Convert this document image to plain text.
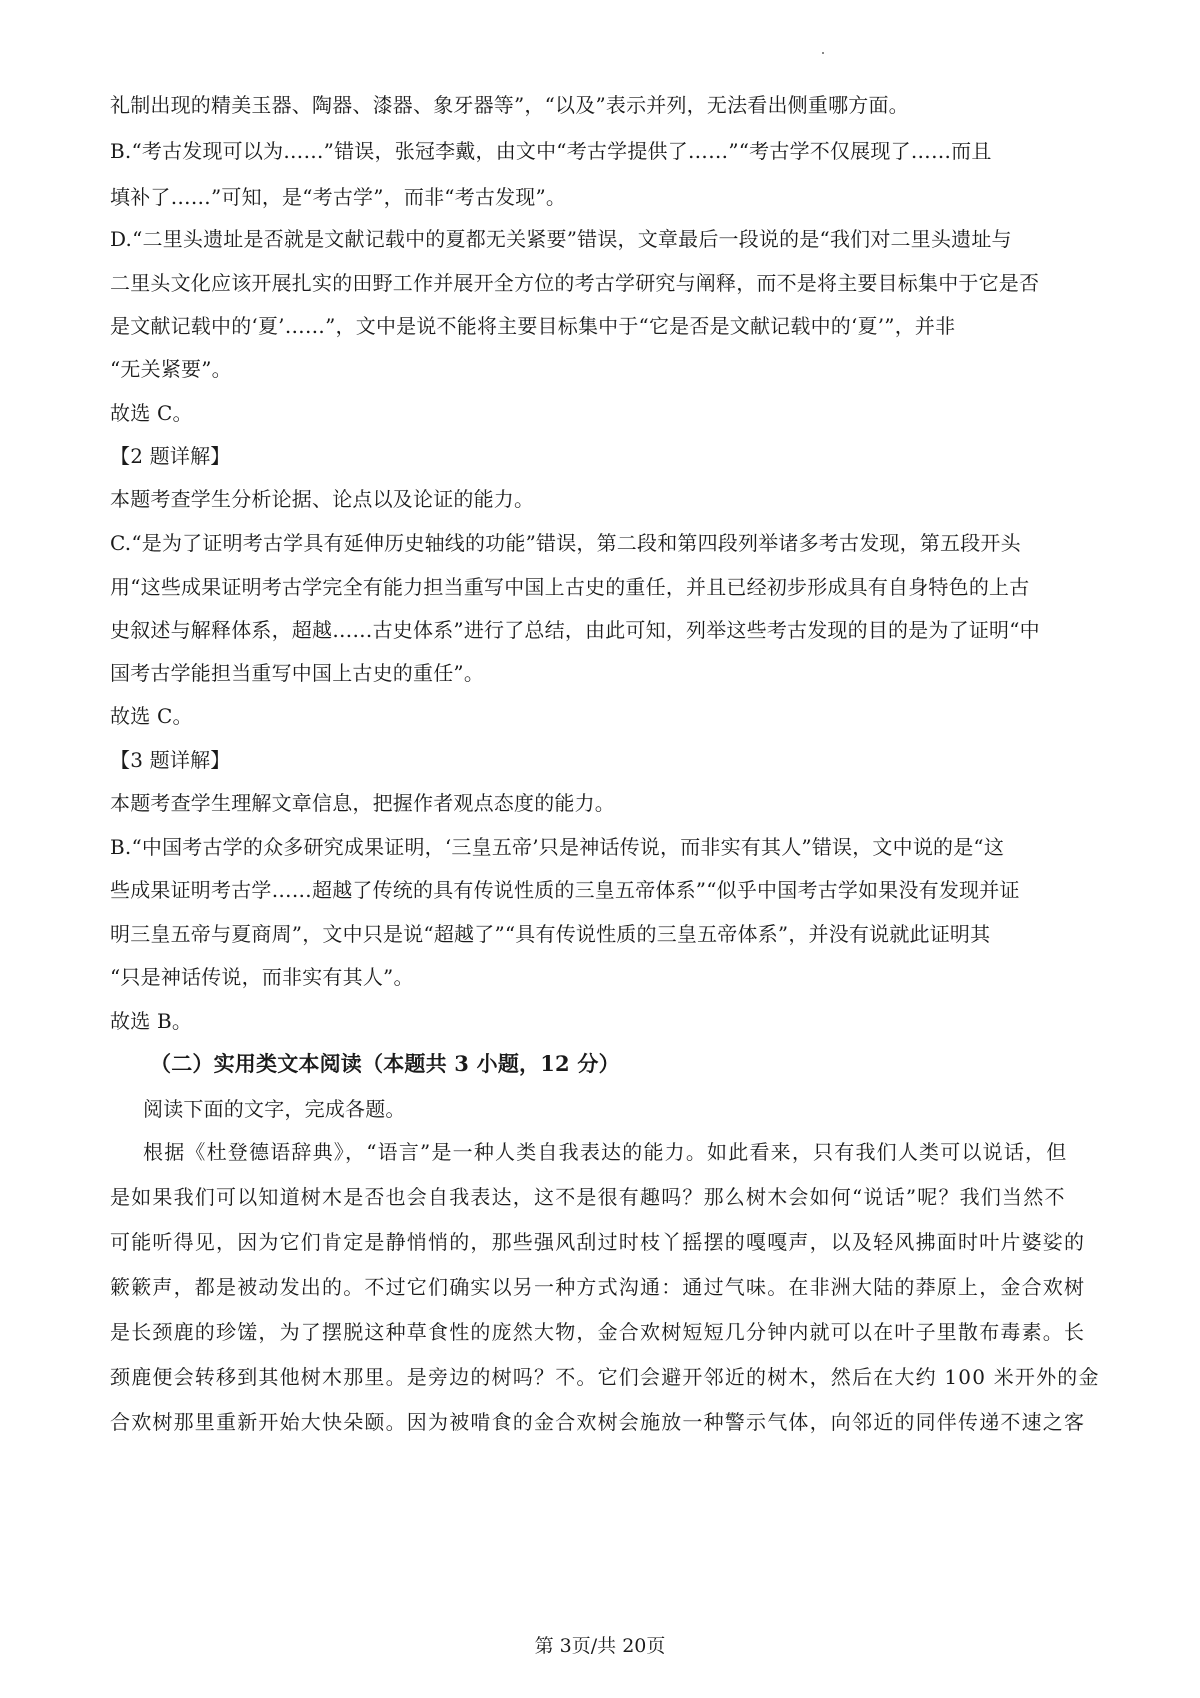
礼制出现的精美玉器、陶器、漆器、象牙器等”，“以及”表示并列，无法看出侧重哪方面。
B.“考古发现可以为……”错误，张冠李戴，由文中“考古学提供了……”“考古学不仅展现了……而且
填补了……”可知，是“考古学”，而非“考古发现”。
D.“二里头遗址是否就是文献记载中的夏都无关紧要”错误，文章最后一段说的是“我们对二里头遗址与
二里头文化应该开展扎实的田野工作并展开全方位的考古学研究与阐释，而不是将主要目标集中于它是否
是文献记载中的‘夏’……”，文中是说不能将主要目标集中于“它是否是文献记载中的‘夏’”，并非
“无关紧要”。
故选 C。
【2 题详解】
本题考查学生分析论据、论点以及论证的能力。
C.“是为了证明考古学具有延伸历史轴线的功能”错误，第二段和第四段列举诸多考古发现，第五段开头
用“这些成果证明考古学完全有能力担当重写中国上古史的重任，并且已经初步形成具有自身特色的上古
史叙述与解释体系，超越……古史体系”进行了总结，由此可知，列举这些考古发现的目的是为了证明“中
国考古学能担当重写中国上古史的重任”。
故选 C。
【3 题详解】
本题考查学生理解文章信息，把握作者观点态度的能力。
B.“中国考古学的众多研究成果证明，‘三皇五帝’只是神话传说，而非实有其人”错误，文中说的是“这
些成果证明考古学……超越了传统的具有传说性质的三皇五帝体系”“似乎中国考古学如果没有发现并证
明三皇五帝与夏商周”，文中只是说“超越了”“具有传说性质的三皇五帝体系”，并没有说就此证明其
“只是神话传说，而非实有其人”。
故选 B。
（二）实用类文本阅读（本题共 3 小题，12 分）
阅读下面的文字，完成各题。
根据《杜登德语辞典》，“语言”是一种人类自我表达的能力。如此看来，只有我们人类可以说话，但
是如果我们可以知道树木是否也会自我表达，这不是很有趣吗？那么树木会如何“说话”呢？我们当然不
可能听得见，因为它们肯定是静悄悄的，那些强风刮过时枝丫摇摆的嘎嘎声，以及轻风拂面时叶片婆娑的
簌簌声，都是被动发出的。不过它们确实以另一种方式沟通：通过气味。在非洲大陆的莽原上，金合欢树
是长颈鹿的珍馐，为了摆脱这种草食性的庞然大物，金合欢树短短几分钟内就可以在叶子里散布毒素。长
颈鹿便会转移到其他树木那里。是旁边的树吗？不。它们会避开邻近的树木，然后在大约 100 米开外的金
合欢树那里重新开始大快朵颐。因为被啃食的金合欢树会施放一种警示气体，向邻近的同伴传递不速之客
第 3页/共 20页
